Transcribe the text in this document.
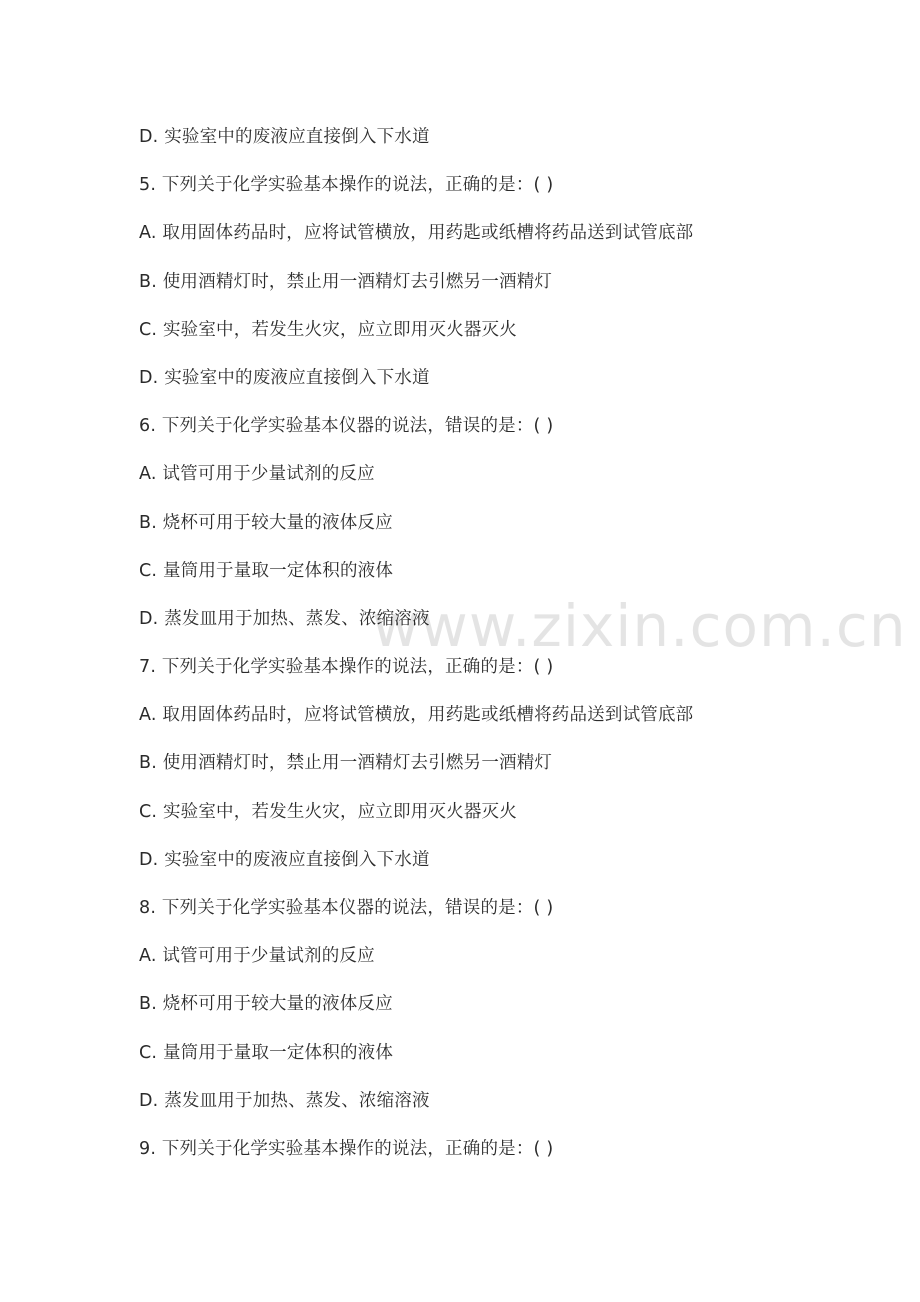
D. 实验室中的废液应直接倒入下水道
5. 下列关于化学实验基本操作的说法，正确的是：( )
A. 取用固体药品时，应将试管横放，用药匙或纸槽将药品送到试管底部
B. 使用酒精灯时，禁止用一酒精灯去引燃另一酒精灯
C. 实验室中，若发生火灾，应立即用灭火器灭火
D. 实验室中的废液应直接倒入下水道
6. 下列关于化学实验基本仪器的说法，错误的是：( )
A. 试管可用于少量试剂的反应
B. 烧杯可用于较大量的液体反应
C. 量筒用于量取一定体积的液体
D. 蒸发皿用于加热、蒸发、浓缩溶液
7. 下列关于化学实验基本操作的说法，正确的是：( )
A. 取用固体药品时，应将试管横放，用药匙或纸槽将药品送到试管底部
B. 使用酒精灯时，禁止用一酒精灯去引燃另一酒精灯
C. 实验室中，若发生火灾，应立即用灭火器灭火
D. 实验室中的废液应直接倒入下水道
8. 下列关于化学实验基本仪器的说法，错误的是：( )
A. 试管可用于少量试剂的反应
B. 烧杯可用于较大量的液体反应
C. 量筒用于量取一定体积的液体
D. 蒸发皿用于加热、蒸发、浓缩溶液
9. 下列关于化学实验基本操作的说法，正确的是：( )
www.zixin.com.cn
